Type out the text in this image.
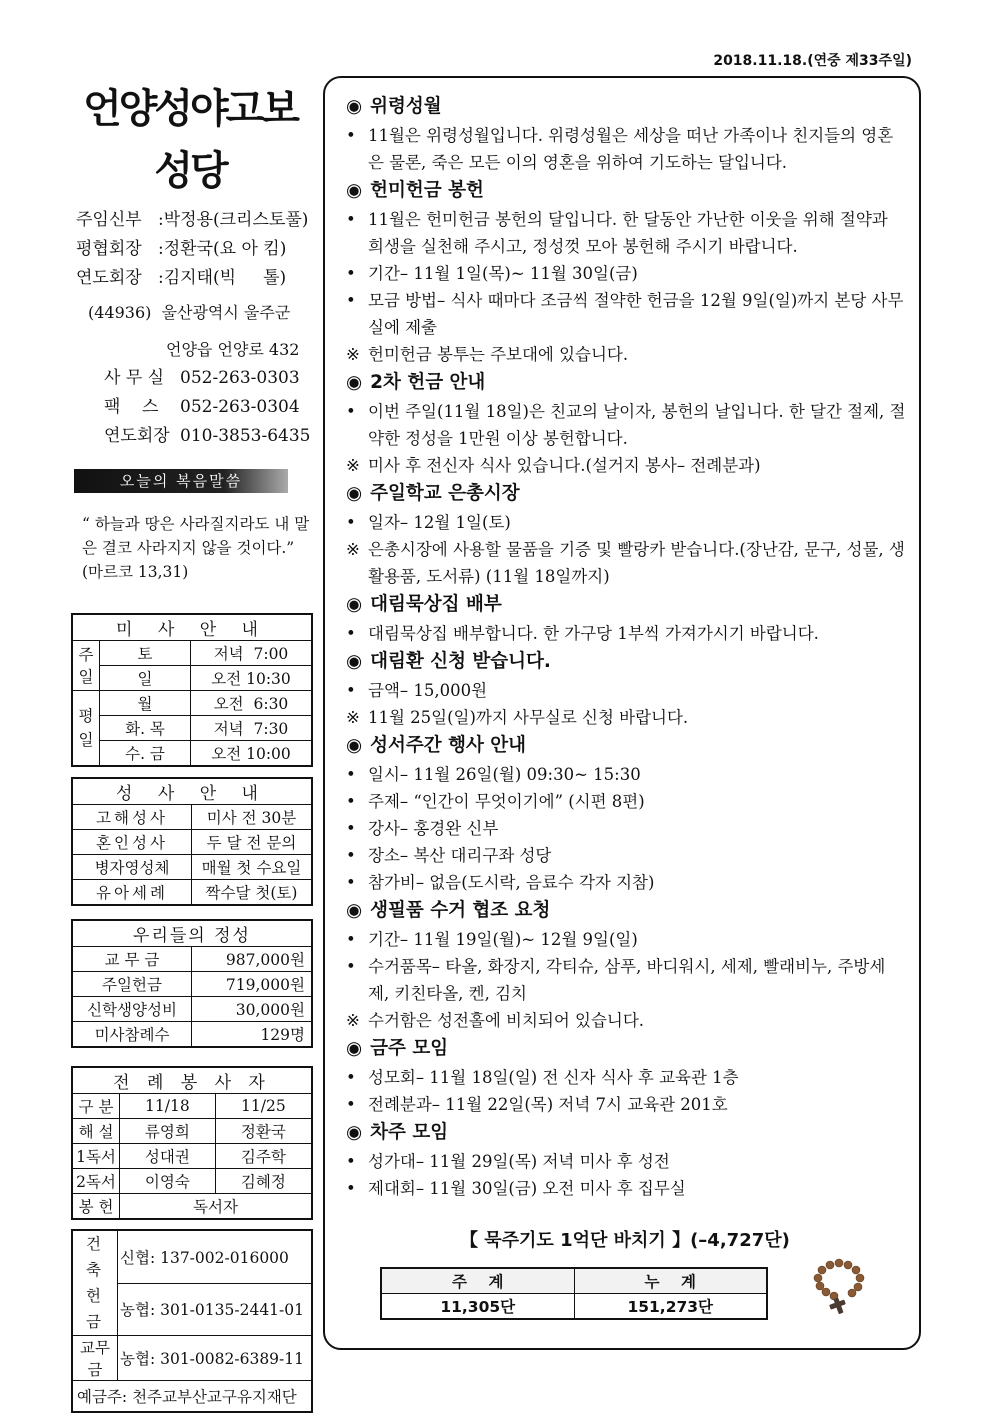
2018.11.18.(연중 제33주일)
언양성야고보
성당
주임신부 :박정용(크리스토풀)
평협회장 :정환국(요 아 킴)
연도회장 :김지태(빅     톨)
(44936)  울산광역시 울주군
언양읍 언양로 432
사 무 실 052-263-0303
팩    스	052-263-0304
연도회장 010-3853-6435
오늘의 복음말씀
“ 하늘과 땅은 사라질지라도 내 말은 결코 사라지지 않을 것이다.” (마르코 13,31)
미 사 안 내		

주일	토	저녁  7:00
	일	오전 10:30

평일	월	오전  6:30
	화. 목	저녁  7:30
	수. 금	오전 10:00
성 사 안 내	
고해성사	미사 전 30분
혼인성사	두 달 전 문의
병자영성체	매월 첫 수요일
유아세례	짝수달 첫(토)
우리들의 정성	
교 무 금	987,000원
주일헌금	719,000원
신학생양성비	30,000원
미사참례수	129명
전 례 봉 사 자		
구 분	11/18	11/25
해 설	류영희	정환국
1독서	성대권	김주학
2독서	이영숙	김혜정
봉 헌	독서자	
건축헌금	신협: 137-002-016000
	농협: 301-0135-2441-01
교무금	농협: 301-0082-6389-11
예금주: 천주교부산교구유지재단	
◉ 위령성월
• 11월은 위령성월입니다. 위령성월은 세상을 떠난 가족이나 친지들의 영혼은 물론, 죽은 모든 이의 영혼을 위하여 기도하는 달입니다.
◉ 헌미헌금 봉헌
• 11월은 헌미헌금 봉헌의 달입니다. 한 달동안 가난한 이웃을 위해 절약과 희생을 실천해 주시고, 정성껏 모아 봉헌해 주시기 바랍니다.
• 기간– 11월 1일(목)~ 11월 30일(금)
• 모금 방법– 식사 때마다 조금씩 절약한 헌금을 12월 9일(일)까지 본당 사무실에 제출
※ 헌미헌금 봉투는 주보대에 있습니다.
◉ 2차 헌금 안내
• 이번 주일(11월 18일)은 친교의 날이자, 봉헌의 날입니다. 한 달간 절제, 절약한 정성을 1만원 이상 봉헌합니다.
※ 미사 후 전신자 식사 있습니다.(설거지 봉사– 전례분과)
◉ 주일학교 은총시장
• 일자– 12월 1일(토)
※ 은총시장에 사용할 물품을 기증 및 빨랑카 받습니다.(장난감, 문구, 성물, 생활용품, 도서류) (11월 18일까지)
◉ 대림묵상집 배부
• 대림묵상집 배부합니다. 한 가구당 1부씩 가져가시기 바랍니다.
◉ 대림환 신청 받습니다.
• 금액– 15,000원
※ 11월 25일(일)까지 사무실로 신청 바랍니다.
◉ 성서주간 행사 안내
• 일시– 11월 26일(월) 09:30~ 15:30
• 주제– “인간이 무엇이기에” (시편 8편)
• 강사– 홍경완 신부
• 장소– 복산 대리구좌 성당
• 참가비– 없음(도시락, 음료수 각자 지참)
◉ 생필품 수거 협조 요청
• 기간– 11월 19일(월)~ 12월 9일(일)
• 수거품목– 타올, 화장지, 각티슈, 삼푸, 바디워시, 세제, 빨래비누, 주방세제, 키친타올, 켄, 김치
※ 수거함은 성전홀에 비치되어 있습니다.
◉ 금주 모임
• 성모회– 11월 18일(일) 전 신자 식사 후 교육관 1층
• 전례분과– 11월 22일(목) 저녁 7시 교육관 201호
◉ 차주 모임
• 성가대– 11월 29일(목) 저녁 미사 후 성전
• 제대회– 11월 30일(금) 오전 미사 후 집무실
【 묵주기도 1억단 바치기 】(–4,727단)
주    계	누    계
11,305단	151,273단
